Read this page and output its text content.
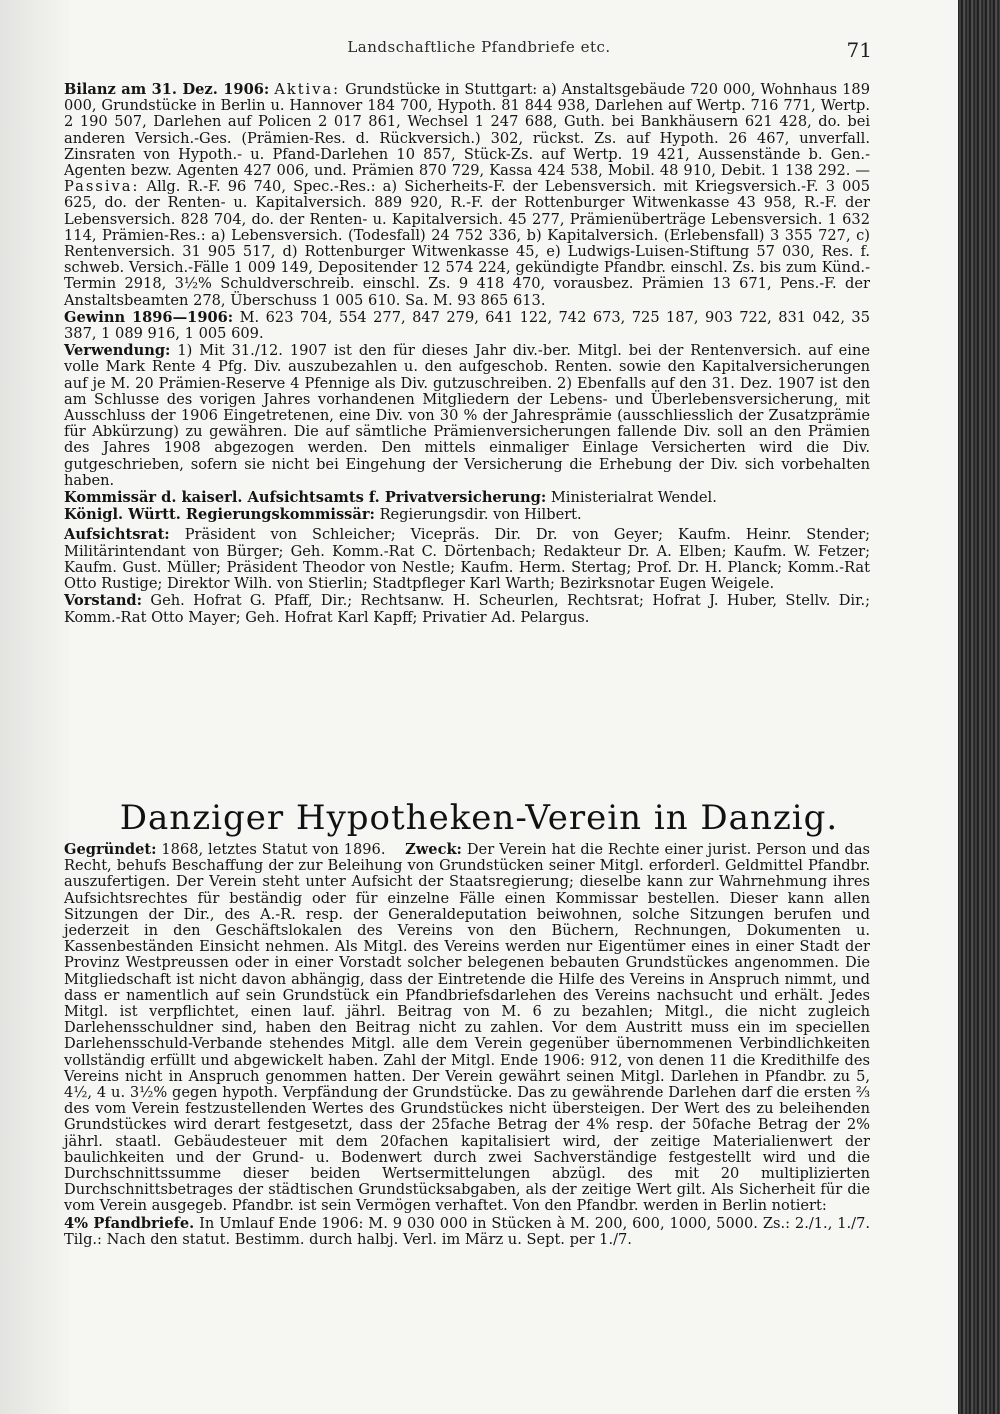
Landschaftliche Pfandbriefe etc.	71

Bilanz am 31. Dez. 1906: Aktiva: Grundstücke in Stuttgart: a) Anstaltsgebäude 720 000, Wohnhaus 189 000, Grundstücke in Berlin u. Hannover 184 700, Hypoth. 81 844 938, Darlehen auf Wertp. 716 771, Wertp. 2 190 507, Darlehen auf Policen 2 017 861, Wechsel 1 247 688, Guth. bei Bankhäusern 621 428, do. bei anderen Versich.-Ges. (Prämien-Res. d. Rückversich.) 302, rückst. Zs. auf Hypoth. 26 467, unverfall. Zinsraten von Hypoth.- u. Pfand-Darlehen 10 857, Stück-Zs. auf Wertp. 19 421, Aussenstände b. Gen.-Agenten bezw. Agenten 427 006, und. Prämien 870 729, Kassa 424 538, Mobil. 48 910, Debit. 1 138 292. — Passiva: Allg. R.-F. 96 740, Spec.-Res.: a) Sicherheits-F. der Lebensversich. mit Kriegsversich.-F. 3 005 625, do. der Renten- u. Kapitalversich. 889 920, R.-F. der Rottenburger Witwenkasse 43 958, R.-F. der Lebensversich. 828 704, do. der Renten- u. Kapitalversich. 45 277, Prämienüberträge Lebensversich. 1 632 114, Prämien-Res.: a) Lebensversich. (Todesfall) 24 752 336, b) Kapitalversich. (Erlebensfall) 3 355 727, c) Rentenversich. 31 905 517, d) Rottenburger Witwenkasse 45, e) Ludwigs-Luisen-Stiftung 57 030, Res. f. schweb. Versich.-Fälle 1 009 149, Depositender 12 574 224, gekündigte Pfandbr. einschl. Zs. bis zum Künd.-Termin 2918, 3½% Schuldverschreib. einschl. Zs. 9 418 470, vorausbez. Prämien 13 671, Pens.-F. der Anstaltsbeamten 278, Überschuss 1 005 610. Sa. M. 93 865 613.

Gewinn 1896—1906: M. 623 704, 554 277, 847 279, 641 122, 742 673, 725 187, 903 722, 831 042, 35 387, 1 089 916, 1 005 609.

Verwendung: 1) Mit 31./12. 1907 ist den für dieses Jahr div.-ber. Mitgl. bei der Rentenversich. auf eine volle Mark Rente 4 Pfg. Div. auszubezahlen u. den aufgeschob. Renten. sowie den Kapitalversicherungen auf je M. 20 Prämien-Reserve 4 Pfennige als Div. gutzuschreiben. 2) Ebenfalls auf den 31. Dez. 1907 ist den am Schlusse des vorigen Jahres vorhandenen Mitgliedern der Lebens- und Überlebensversicherung, mit Ausschluss der 1906 Eingetretenen, eine Div. von 30 % der Jahresprämie (ausschliesslich der Zusatzprämie für Abkürzung) zu gewähren. Die auf sämtliche Prämienversicherungen fallende Div. soll an den Prämien des Jahres 1908 abgezogen werden. Den mittels einmaliger Einlage Versicherten wird die Div. gutgeschrieben, sofern sie nicht bei Eingehung der Versicherung die Erhebung der Div. sich vorbehalten haben.

Kommissär d. kaiserl. Aufsichtsamts f. Privatversicherung: Ministerialrat Wendel.

Königl. Württ. Regierungskommissär: Regierungsdir. von Hilbert.

Aufsichtsrat: Präsident von Schleicher; Vicepräs. Dir. Dr. von Geyer; Kaufm. Heinr. Stender; Militärintendant von Bürger; Geh. Komm.-Rat C. Dörtenbach; Redakteur Dr. A. Elben; Kaufm. W. Fetzer; Kaufm. Gust. Müller; Präsident Theodor von Nestle; Kaufm. Herm. Stertag; Prof. Dr. H. Planck; Komm.-Rat Otto Rustige; Direktor Wilh. von Stierlin; Stadtpfleger Karl Warth; Bezirksnotar Eugen Weigele.

Vorstand: Geh. Hofrat G. Pfaff, Dir.; Rechtsanw. H. Scheurlen, Rechtsrat; Hofrat J. Huber, Stellv. Dir.; Komm.-Rat Otto Mayer; Geh. Hofrat Karl Kapff; Privatier Ad. Pelargus.

Danziger Hypotheken-Verein in Danzig.

Gegründet: 1868, letztes Statut von 1896. Zweck: Der Verein hat die Rechte einer jurist. Person und das Recht, behufs Beschaffung der zur Beleihung von Grundstücken seiner Mitgl. erforderl. Geldmittel Pfandbr. auszufertigen. Der Verein steht unter Aufsicht der Staatsregierung; dieselbe kann zur Wahrnehmung ihres Aufsichtsrechtes für beständig oder für einzelne Fälle einen Kommissar bestellen. Dieser kann allen Sitzungen der Dir., des A.-R. resp. der Generaldeputation beiwohnen, solche Sitzungen berufen und jederzeit in den Geschäftslokalen des Vereins von den Büchern, Rechnungen, Dokumenten u. Kassenbeständen Einsicht nehmen. Als Mitgl. des Vereins werden nur Eigentümer eines in einer Stadt der Provinz Westpreussen oder in einer Vorstadt solcher belegenen bebauten Grundstückes angenommen. Die Mitgliedschaft ist nicht davon abhängig, dass der Eintretende die Hilfe des Vereins in Anspruch nimmt, und dass er namentlich auf sein Grundstück ein Pfandbriefsdarlehen des Vereins nachsucht und erhält. Jedes Mitgl. ist verpflichtet, einen lauf. jährl. Beitrag von M. 6 zu bezahlen; Mitgl., die nicht zugleich Darlehensschuldner sind, haben den Beitrag nicht zu zahlen. Vor dem Austritt muss ein im speciellen Darlehensschuld-Verbande stehendes Mitgl. alle dem Verein gegenüber übernommenen Verbindlichkeiten vollständig erfüllt und abgewickelt haben. Zahl der Mitgl. Ende 1906: 912, von denen 11 die Kredithilfe des Vereins nicht in Anspruch genommen hatten. Der Verein gewährt seinen Mitgl. Darlehen in Pfandbr. zu 5, 4½, 4 u. 3½% gegen hypoth. Verpfändung der Grundstücke. Das zu gewährende Darlehen darf die ersten ⅔ des vom Verein festzustellenden Wertes des Grundstückes nicht übersteigen. Der Wert des zu beleihenden Grundstückes wird derart festgesetzt, dass der 25fache Betrag der 4% resp. der 50fache Betrag der 2% jährl. staatl. Gebäudesteuer mit dem 20fachen kapitalisiert wird, der zeitige Materialienwert der baulichkeiten und der Grund- u. Bodenwert durch zwei Sachverständige festgestellt wird und die Durchschnittssumme dieser beiden Wertsermittelungen abzügl. des mit 20 multiplizierten Durchschnittsbetrages der städtischen Grundstücksabgaben, als der zeitige Wert gilt. Als Sicherheit für die vom Verein ausgegeb. Pfandbr. ist sein Vermögen verhaftet. Von den Pfandbr. werden in Berlin notiert:

4% Pfandbriefe. In Umlauf Ende 1906: M. 9 030 000 in Stücken à M. 200, 600, 1000, 5000. Zs.: 2./1., 1./7. Tilg.: Nach den statut. Bestimm. durch halbj. Verl. im März u. Sept. per 1./7.
